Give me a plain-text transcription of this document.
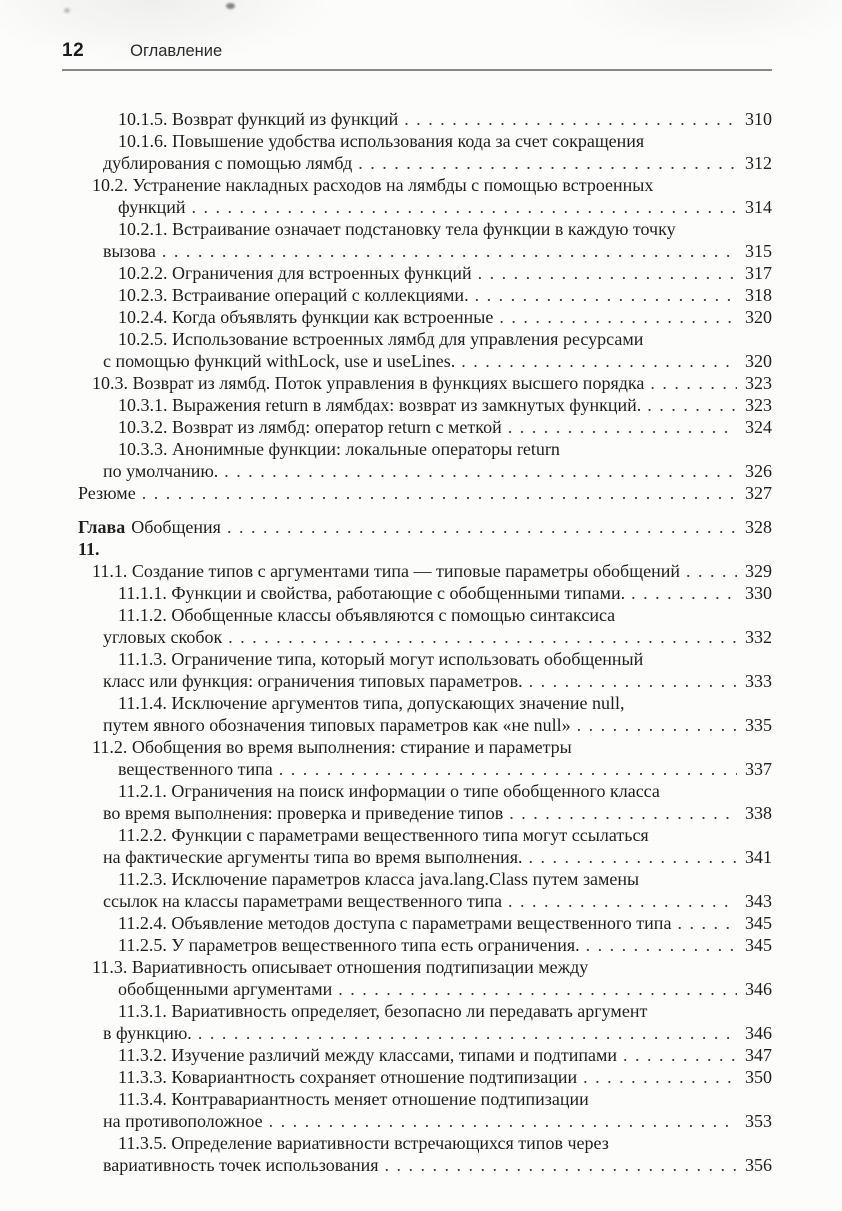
12	Оглавление
10.1.5. Возврат функций из функций . . .	310
10.1.6. Повышение удобства использования кода за счет сокращения
дублирования с помощью лямбд . . .	312
10.2. Устранение накладных расходов на лямбды с помощью встроенных
функций . . .	314
10.2.1. Встраивание означает подстановку тела функции в каждую точку
вызова . . .	315
10.2.2. Ограничения для встроенных функций . . .	317
10.2.3. Встраивание операций с коллекциями. . . .	318
10.2.4. Когда объявлять функции как встроенные . . .	320
10.2.5. Использование встроенных лямбд для управления ресурсами
с помощью функций withLock, use и useLines. . . .	320
10.3. Возврат из лямбд. Поток управления в функциях высшего порядка . . .	323
10.3.1. Выражения return в лямбдах: возврат из замкнутых функций. . . .	323
10.3.2. Возврат из лямбд: оператор return с меткой . . .	324
10.3.3. Анонимные функции: локальные операторы return
по умолчанию. . . .	326
Резюме . . .	327
Глава 11.
Обобщения . . .	328
11.1. Создание типов с аргументами типа — типовые параметры обобщений . . .	329
11.1.1. Функции и свойства, работающие с обобщенными типами. . . .	330
11.1.2. Обобщенные классы объявляются с помощью синтаксиса
угловых скобок . . .	332
11.1.3. Ограничение типа, который могут использовать обобщенный
класс или функция: ограничения типовых параметров. . . .	333
11.1.4. Исключение аргументов типа, допускающих значение null,
путем явного обозначения типовых параметров как «не null» . . .	335
11.2. Обобщения во время выполнения: стирание и параметры
вещественного типа . . .	337
11.2.1. Ограничения на поиск информации о типе обобщенного класса
во время выполнения: проверка и приведение типов . . .	338
11.2.2. Функции с параметрами вещественного типа могут ссылаться
на фактические аргументы типа во время выполнения. . . .	341
11.2.3. Исключение параметров класса java.lang.Class путем замены
ссылок на классы параметрами вещественного типа . . .	343
11.2.4. Объявление методов доступа с параметрами вещественного типа . . .	345
11.2.5. У параметров вещественного типа есть ограничения. . . .	345
11.3. Вариативность описывает отношения подтипизации между
обобщенными аргументами . . .	346
11.3.1. Вариативность определяет, безопасно ли передавать аргумент
в функцию. . . .	346
11.3.2. Изучение различий между классами, типами и подтипами . . .	347
11.3.3. Ковариантность сохраняет отношение подтипизации . . .	350
11.3.4. Контравариантность меняет отношение подтипизации
на противоположное . . .	353
11.3.5. Определение вариативности встречающихся типов через
вариативность точек использования . . .	356
